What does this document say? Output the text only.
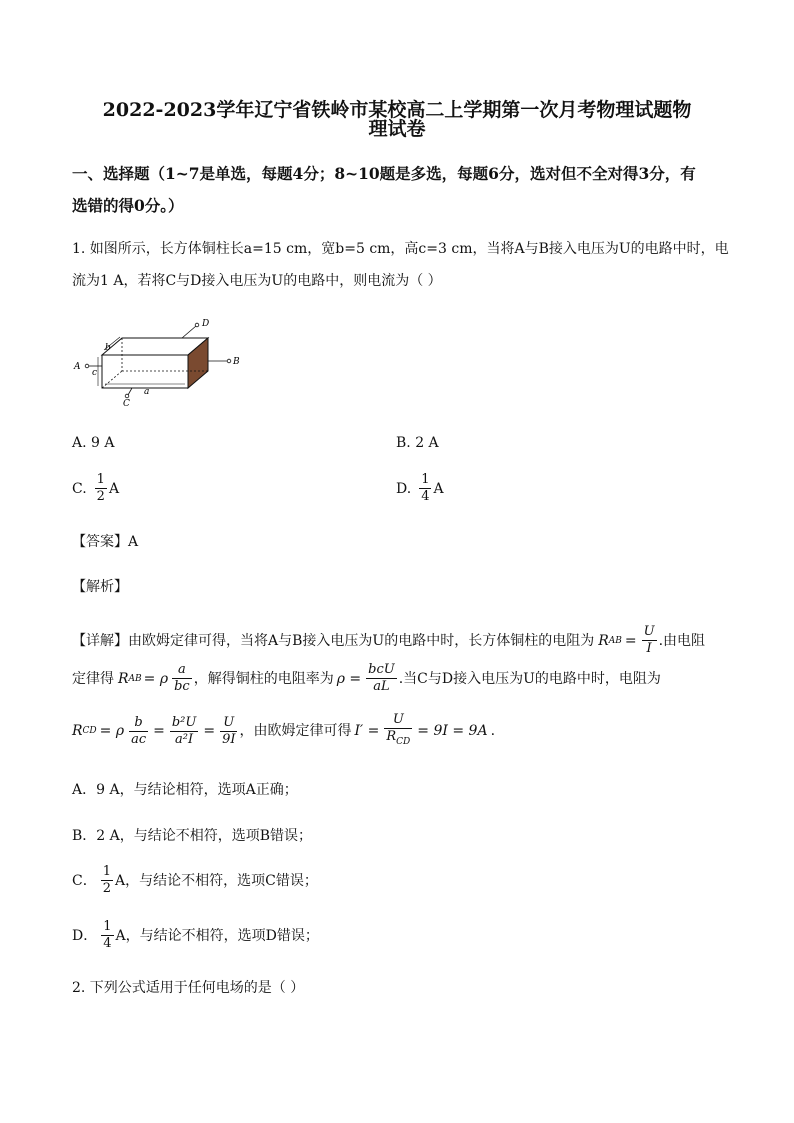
2022-2023学年辽宁省铁岭市某校高二上学期第一次月考物理试题物
理试卷
一、选择题（1~7是单选，每题4分；8~10题是多选，每题6分，选对但不全对得3分，有
选错的得0分。）
1. 如图所示，长方体铜柱长a=15 cm，宽b=5 cm，高c=3 cm，当将A与B接入电压为U的电路中时，电
流为1 A，若将C与D接入电压为U的电路中，则电流为（ ）
A	B
C
D
a
b
c
A. 9 A	B. 2 A
C. $\frac{1}{2}$ A	D. $\frac{1}{4}$ A
【答案】A
【解析】
【详解】由欧姆定律可得，当将A与B接入电压为U的电路中时，长方体铜柱的电阻为 R AB = $\frac{U}{I}$ .由电阻
定律得 R AB = ρ $\frac{a}{bc}$ ，解得铜柱的电阻率为 $\rho = \frac{\text{bcU}}{aL}$ .当C与D接入电压为U的电路中时，电阻为
R CD = ρ $\frac{b}{ac} = \frac{\text{b²U}}{\text{a²I}} = \frac{U}{9I}$ ，由欧姆定律可得 $I' = \frac{U}{R_{CD}} = 9I = 9A$ .
A．9 A，与结论相符，选项A正确；
B．2 A，与结论不相符，选项B错误；
C． $\frac{1}{2}$ A，与结论不相符，选项C错误；
D． $\frac{1}{4}$ A，与结论不相符，选项D错误；
2. 下列公式适用于任何电场的是（ ）
